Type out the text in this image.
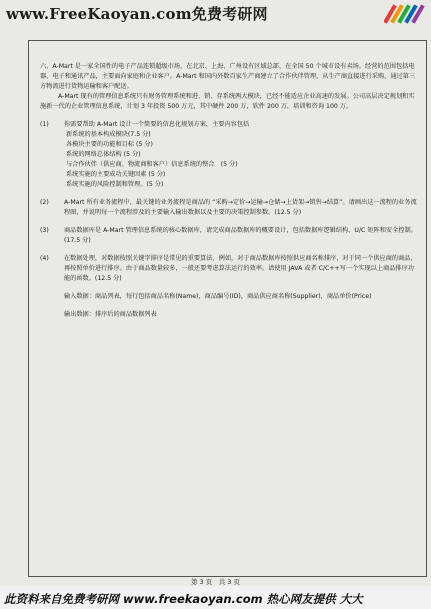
www.FreeKaoyan.com免费考研网

六、A-Mart 是一家全国性的电子产品连锁超级市场，在北京、上海、广州设有区域总部，在全国 50 个城市设有卖场。经营的范围包括电器、电子和通讯产品，主要面向家庭和企业客户。A-Mart 和国内外数百家生产商建立了合作伙伴管理，从生产商直接进行采购，通过第三方物流进行货物运输和客户配送。

A-Mart 现有的管理信息系统只有财务管理系统和进、销、存系统两大模块，已经不能适应企业高速的发展。公司高层决定规划和实施新一代的企业管理信息系统，计划 3 年投资 500 万元，其中硬件 200 万，软件 200 万，培训和咨询 100 万。

(1)	你需要帮助 A-Mart 设计一个简要的信息化规划方案，主要内容包括
新系统的基本构成模块(7.5 分)
各模块主要的功能和目标 (5 分)
系统的网络总体结构 (5 分)
与合作伙伴（供应商、物流商和客户）信息系统的整合　(5 分)
系统实施的主要成功关键因素 (5 分)
系统实施的风险控制和管理。(5 分)
(2)	A-Mart 所有业务流程中，最关键的业务流程是商品的 “采购→定价→运输→仓储→上货架→销售→结算”。请画出这一流程的业务流程图，并说明每一个流程涉及的主要输入输出数据以及主要的决策控制参数。(12.5 分)
(3)	商品数据库是 A-Mart 管理信息系统的核心数据库，请完成商品数据库的概要设计，包括数据库逻辑结构、U/C 矩阵和安全控制。(17.5 分)
(4)	在数据处理，对数据按照关键字排序是常见的重要算法，例如，对于商品数据库按照供应商名称排序，对于同一个供应商的商品，再按照单价进行排序。由于商品数量较多，一般还要考虑算法运行的效率。请使用 JAVA 或者 C/C++写一个实现以上商品排序功能的函数。(12.5 分)
输入数据：商品列表，每行包括商品名称(Name)，商品编号(ID)，商品供应商名称(Supplier)，商品单价(Price)
输出数据：排序后的商品数据列表
第 3 页　共 3 页
此资料来自免费考研网 www.freekaoyan.com 热心网友提供 大大
